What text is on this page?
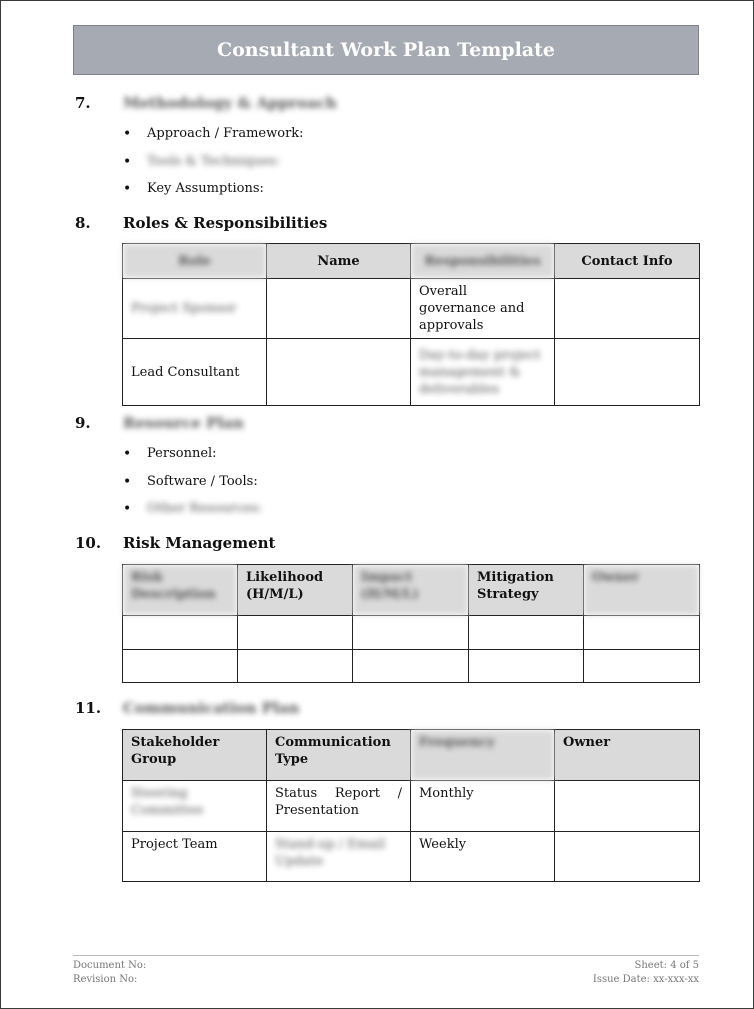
Consultant Work Plan Template
7.	Methodology & Approach
• Approach / Framework:
• Tools & Techniques:
• Key Assumptions:
8.	Roles & Responsibilities
Role	Name	Responsibilities	Contact Info
Project Sponsor		Overall governance and approvals	
Lead Consultant		Day-to-day project management & deliverables	
9.	Resource Plan
• Personnel:
• Software / Tools:
• Other Resources:
10.	Risk Management
Risk Description	Likelihood (H/M/L)	Impact (H/M/L)	Mitigation Strategy	Owner

11.	Communication Plan
Stakeholder Group	Communication Type	Frequency	Owner
Steering Committee	Status Report / Presentation	Monthly	
Project Team	Stand-up / Email Update	Weekly	
Document No:	Sheet: 4 of 5
Revision No:	Issue Date: xx-xxx-xx
